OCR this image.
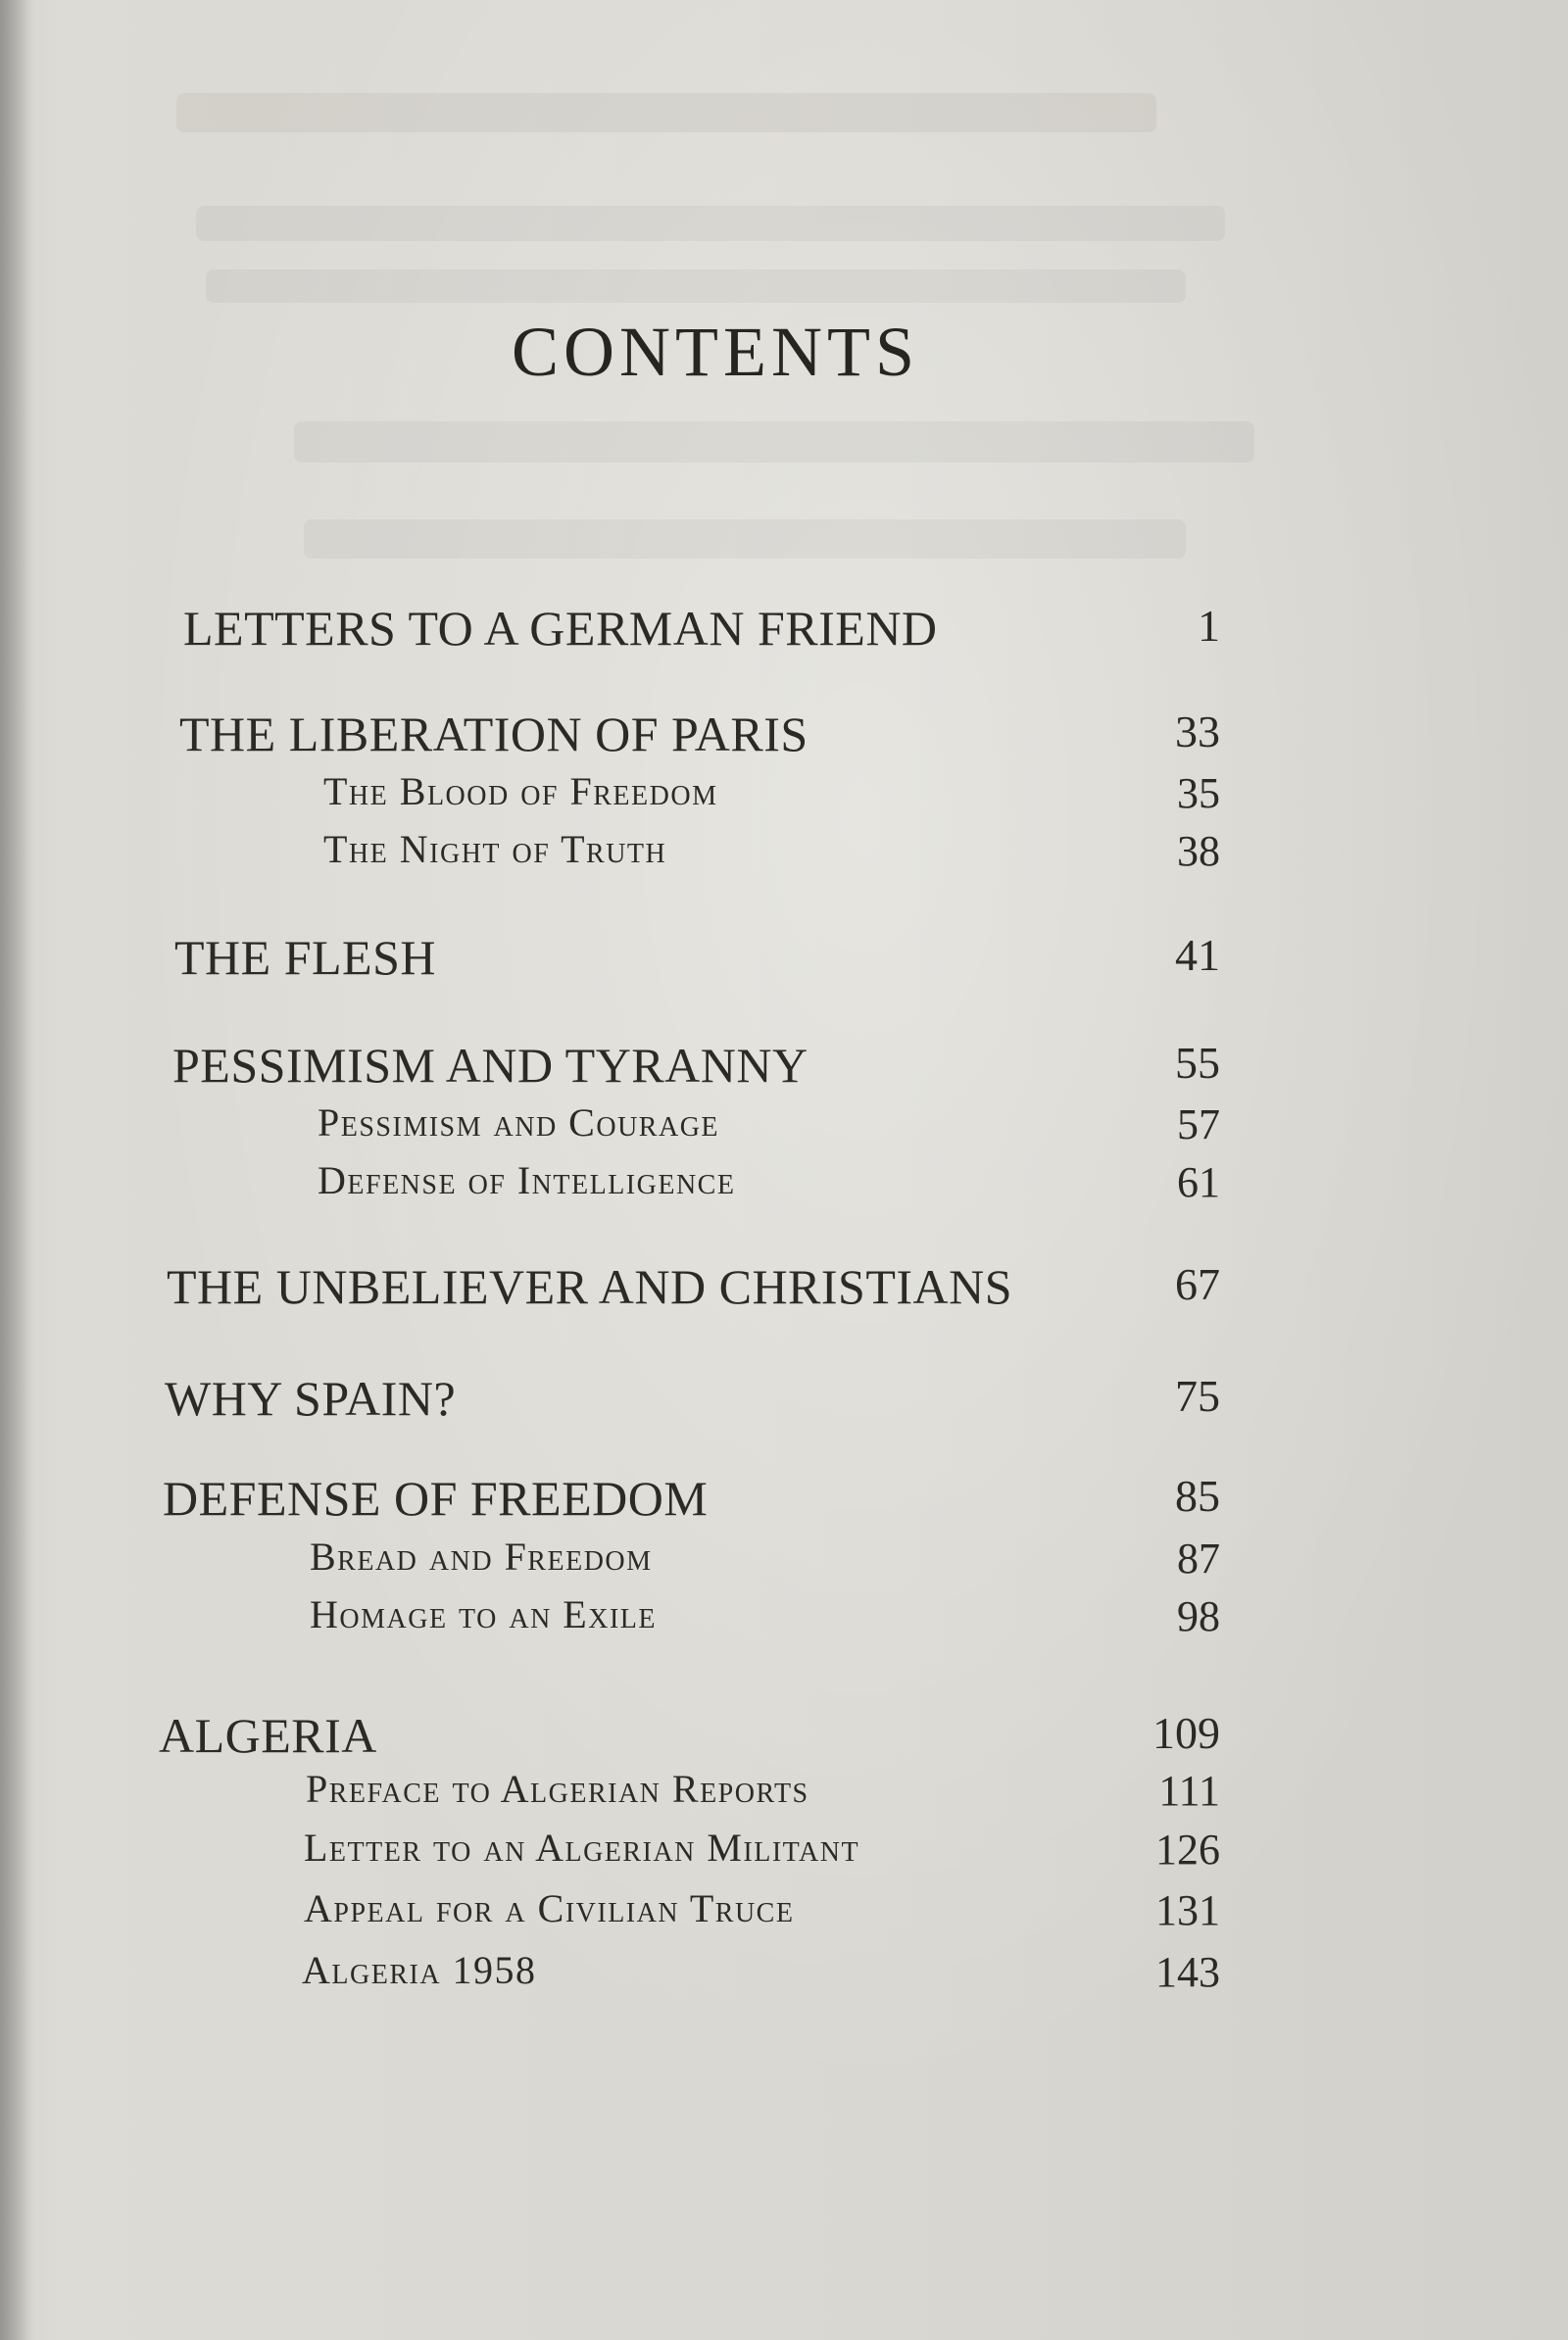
CONTENTS
LETTERS TO A GERMAN FRIEND	1
THE LIBERATION OF PARIS	33
The Blood of Freedom	35
The Night of Truth	38
THE FLESH	41
PESSIMISM AND TYRANNY	55
Pessimism and Courage	57
Defense of Intelligence	61
THE UNBELIEVER AND CHRISTIANS	67
WHY SPAIN?	75
DEFENSE OF FREEDOM	85
Bread and Freedom	87
Homage to an Exile	98
ALGERIA	109
Preface to Algerian Reports	111
Letter to an Algerian Militant	126
Appeal for a Civilian Truce	131
Algeria 1958	143
